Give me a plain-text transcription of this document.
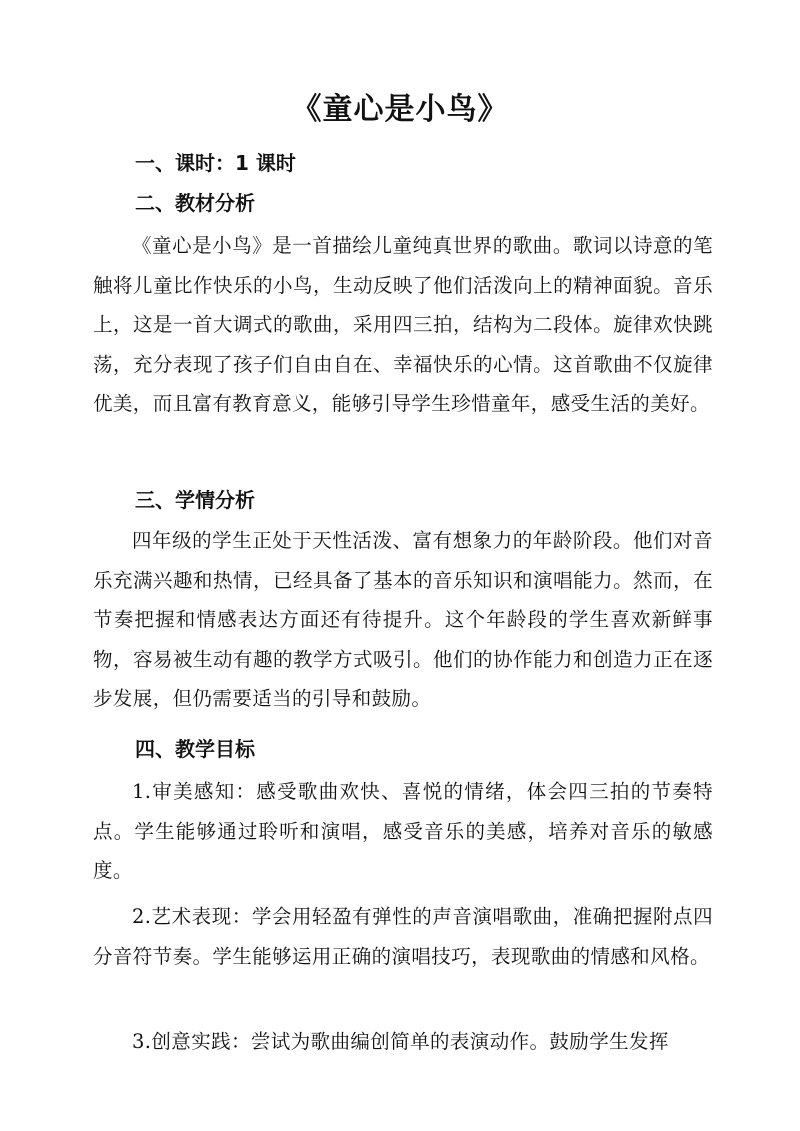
《童心是小鸟》
一、课时：1 课时
二、教材分析
《童心是小鸟》是一首描绘儿童纯真世界的歌曲。歌词以诗意的笔触将儿童比作快乐的小鸟，生动反映了他们活泼向上的精神面貌。音乐上，这是一首大调式的歌曲，采用四三拍，结构为二段体。旋律欢快跳荡，充分表现了孩子们自由自在、幸福快乐的心情。这首歌曲不仅旋律优美，而且富有教育意义，能够引导学生珍惜童年，感受生活的美好。
三、学情分析
四年级的学生正处于天性活泼、富有想象力的年龄阶段。他们对音乐充满兴趣和热情，已经具备了基本的音乐知识和演唱能力。然而，在节奏把握和情感表达方面还有待提升。这个年龄段的学生喜欢新鲜事物，容易被生动有趣的教学方式吸引。他们的协作能力和创造力正在逐步发展，但仍需要适当的引导和鼓励。
四、教学目标
1.审美感知：感受歌曲欢快、喜悦的情绪，体会四三拍的节奏特点。学生能够通过聆听和演唱，感受音乐的美感，培养对音乐的敏感度。
2.艺术表现：学会用轻盈有弹性的声音演唱歌曲，准确把握附点四分音符节奏。学生能够运用正确的演唱技巧，表现歌曲的情感和风格。
3.创意实践：尝试为歌曲编创简单的表演动作。鼓励学生发挥
